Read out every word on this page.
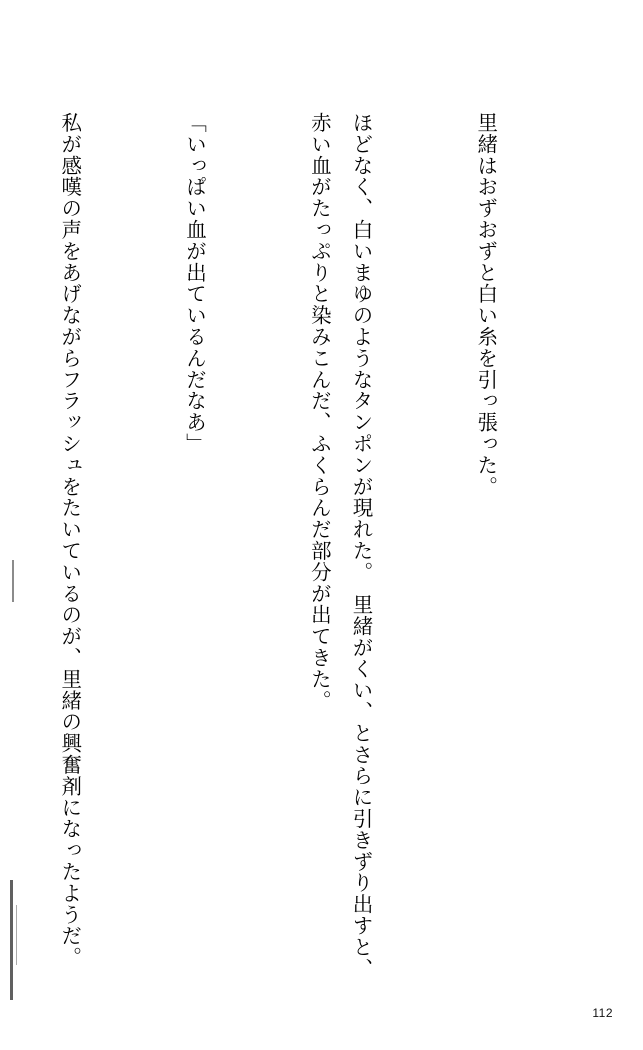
里緒はおずおずと白い糸を引っ張った。

ほどなく、白いまゆのようなタンポンが現れた。　里緒がくい、とさらに引きずり出すと、赤い血がたっぷりと染みこんだ、ふくらんだ部分が出てきた。

「いっぱい血が出ているんだなあ」

私が感嘆の声をあげながらフラッシュをたいているのが、里緒の興奮剤になったようだ。

112
